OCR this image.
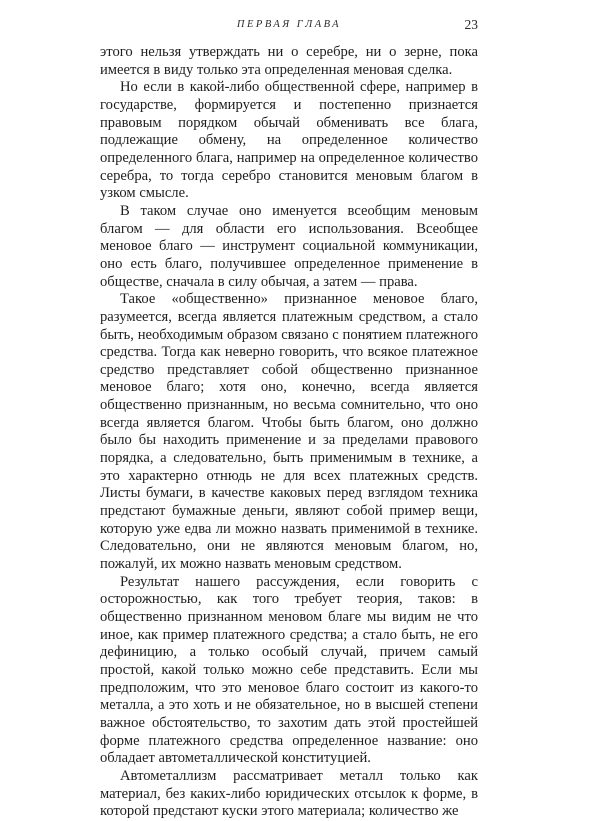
ПЕРВАЯ ГЛАВА	23

этого нельзя утверждать ни о серебре, ни о зерне, пока имеется в виду только эта определенная меновая сделка.

Но если в какой-либо общественной сфере, например в государстве, формируется и постепенно признается правовым порядком обычай обменивать все блага, подлежащие обмену, на определенное количество определенного блага, например на определенное количество серебра, то тогда серебро становится меновым благом в узком смысле.

В таком случае оно именуется всеобщим меновым благом — для области его использования. Всеобщее меновое благо — инструмент социальной коммуникации, оно есть благо, получившее определенное применение в обществе, сначала в силу обычая, а затем — права.

Такое «общественно» признанное меновое благо, разумеется, всегда является платежным средством, а стало быть, необходимым образом связано с понятием платежного средства. Тогда как неверно говорить, что всякое платежное средство представляет собой общественно признанное меновое благо; хотя оно, конечно, всегда является общественно признанным, но весьма сомнительно, что оно всегда является благом. Чтобы быть благом, оно должно было бы находить применение и за пределами правового порядка, а следовательно, быть применимым в технике, а это характерно отнюдь не для всех платежных средств. Листы бумаги, в качестве каковых перед взглядом техника предстают бумажные деньги, являют собой пример вещи, которую уже едва ли можно назвать применимой в технике. Следовательно, они не являются меновым благом, но, пожалуй, их можно назвать меновым средством.

Результат нашего рассуждения, если говорить с осторожностью, как того требует теория, таков: в общественно признанном меновом благе мы видим не что иное, как пример платежного средства; а стало быть, не его дефиницию, а только особый случай, причем самый простой, какой только можно себе представить. Если мы предположим, что это меновое благо состоит из какого-то металла, а это хоть и не обязательное, но в высшей степени важное обстоятельство, то захотим дать этой простейшей форме платежного средства определенное название: оно обладает автометаллической конституцией.

Автометаллизм рассматривает металл только как материал, без каких-либо юридических отсылок к форме, в которой предстают куски этого материала; количество же
